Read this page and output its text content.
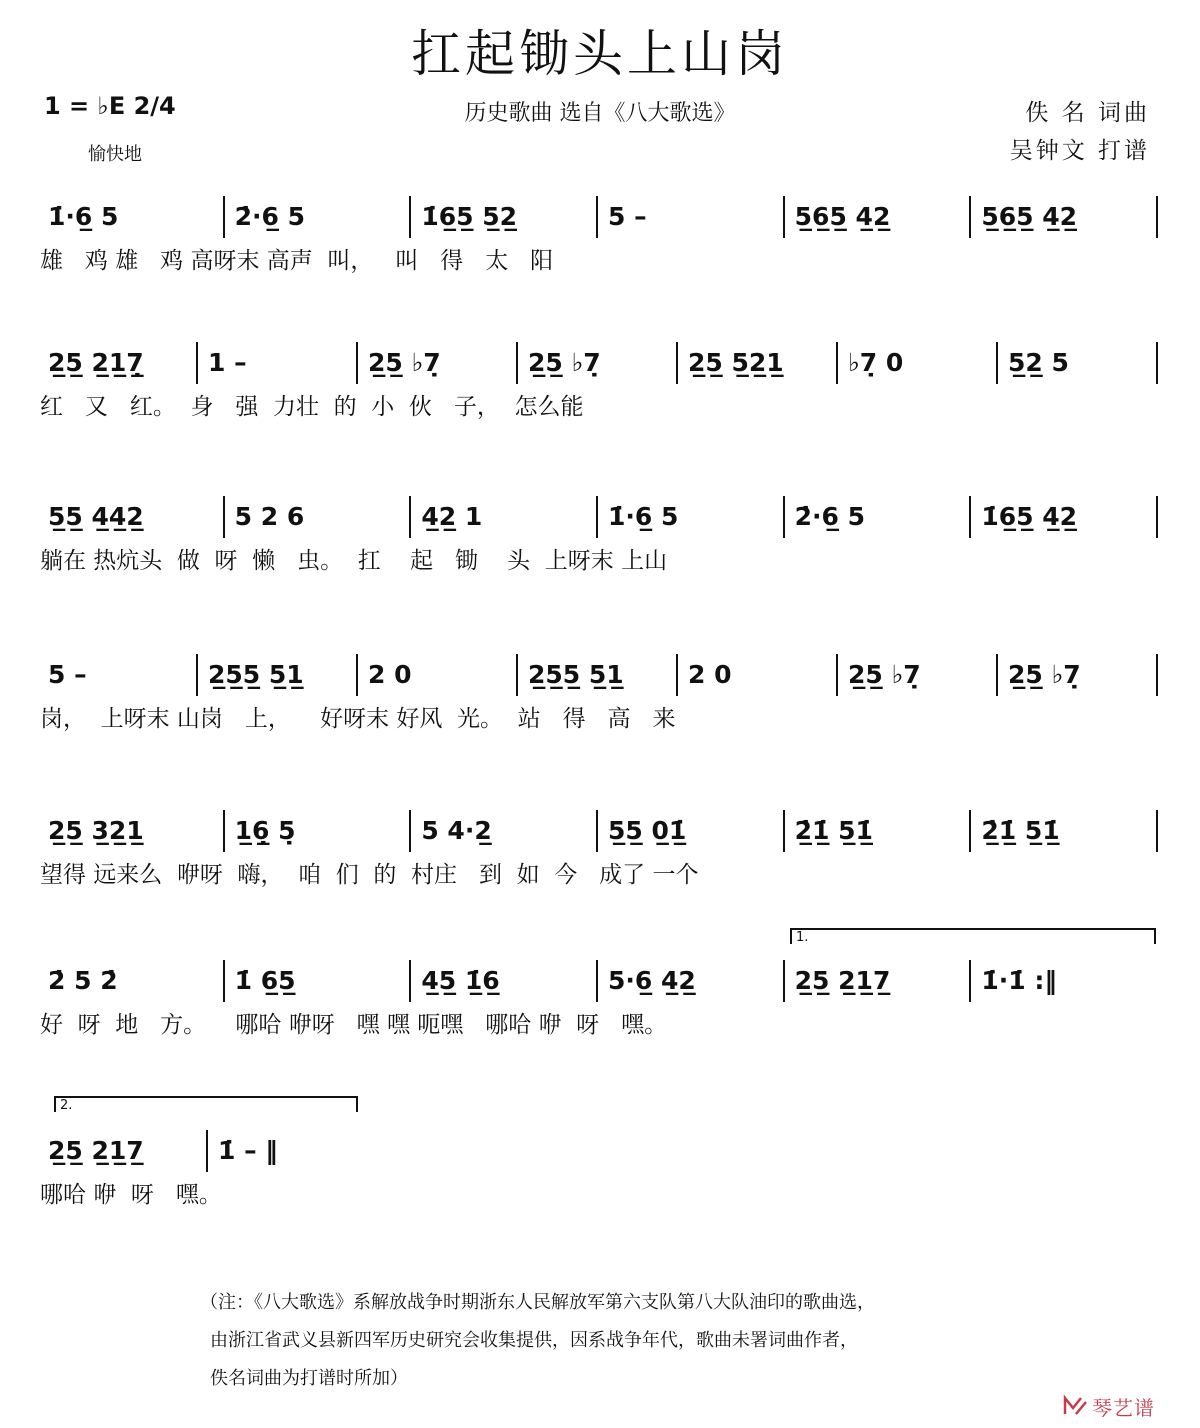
扛起锄头上山岗
1 = ♭E 2/4
愉快地
历史歌曲 选自《八大歌选》	佚 名 词曲
吴钟文 打谱
1̇·6̲ 5	2̇·6̲ 5	1̇6̲5̲ 5̲2̲	5 –	5̲6̲5̲ 4̲2̲	5̲6̲5̲ 4̲2̲
雄   鸡 雄   鸡 高呀末 高声  叫，   叫   得   太   阳
2̲5̲ 2̲1̲7̲̣	1 –	2̲5̲ ♭7̣	2̲5̲ ♭7̣	2̲5̲ 5̲2̲1̲	♭7̣ 0	5̲2̲ 5
红   又   红。  身   强  力壮  的  小  伙   子，  怎么能
5̲5̲ 4̲4̲2̲	5 2 6	4̲2̲ 1	1̇·6̲ 5	2̇·6̲ 5	1̇6̲5̲ 4̲2̲
躺在 热炕头  做  呀  懒   虫。  扛    起   锄    头  上呀末 上山
5 –	2̲5̲5̲ 5̲1̲	2 0	2̲5̲5̲ 5̲1̲	2 0	2̲5̲ ♭7̣	2̲5̲ ♭7̣
岗，  上呀末 山岗   上，    好呀末 好风  光。  站   得   高   来
2̲5̲ 3̲2̲1̲	1̲6̲̣ 5̣	5 4·2̲	5̲5̲ 0̲1̲̇	2̲̇1̲̇ 5̲1̲̇	2̲̇1̲̇ 5̲1̲̇
望得 远来么  咿呀  嗨，  咱  们  的  村庄   到  如  今   成了 一个
2̇ 5 2̇	1̇ 6̲5̲	4̲5̲ 1̲̇6̲	5·6̲ 4̲2̲	2̲5̲ 2̲1̲7̲	1̇·1̇ :‖
好  呀  地   方。    哪哈 咿呀   嘿 嘿 呃嘿   哪哈 咿  呀   嘿。
2̲5̲ 2̲1̲7̲	1̇ – ‖
哪哈 咿  呀   嘿。
1.
2.
（注：《八大歌选》系解放战争时期浙东人民解放军第六支队第八大队油印的歌曲选，
由浙江省武义县新四军历史研究会收集提供，因系战争年代，歌曲未署词曲作者，
佚名词曲为打谱时所加）
琴艺谱
